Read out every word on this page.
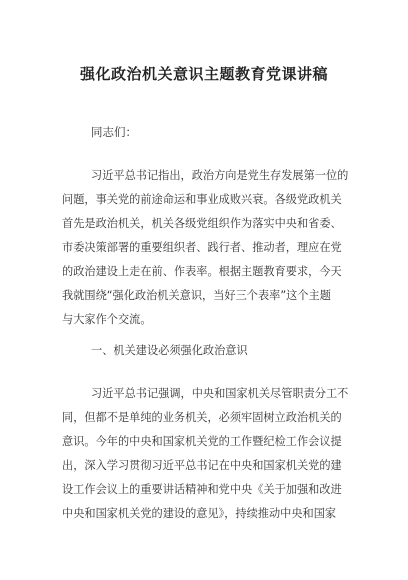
强化政治机关意识主题教育党课讲稿

同志们：

习近平总书记指出，政治方向是党生存发展第一位的
问题，事关党的前途命运和事业成败兴衰。各级党政机关
首先是政治机关，机关各级党组织作为落实中央和省委、
市委决策部署的重要组织者、践行者、推动者，理应在党
的政治建设上走在前、作表率。根据主题教育要求，今天
我就围绕“强化政治机关意识，当好三个表率”这个主题
与大家作个交流。

一、机关建设必须强化政治意识

习近平总书记强调，中央和国家机关尽管职责分工不
同，但都不是单纯的业务机关，必须牢固树立政治机关的
意识。今年的中央和国家机关党的工作暨纪检工作会议提
出，深入学习贯彻习近平总书记在中央和国家机关党的建
设工作会议上的重要讲话精神和党中央《关于加强和改进
中央和国家机关党的建设的意见》，持续推动中央和国家
